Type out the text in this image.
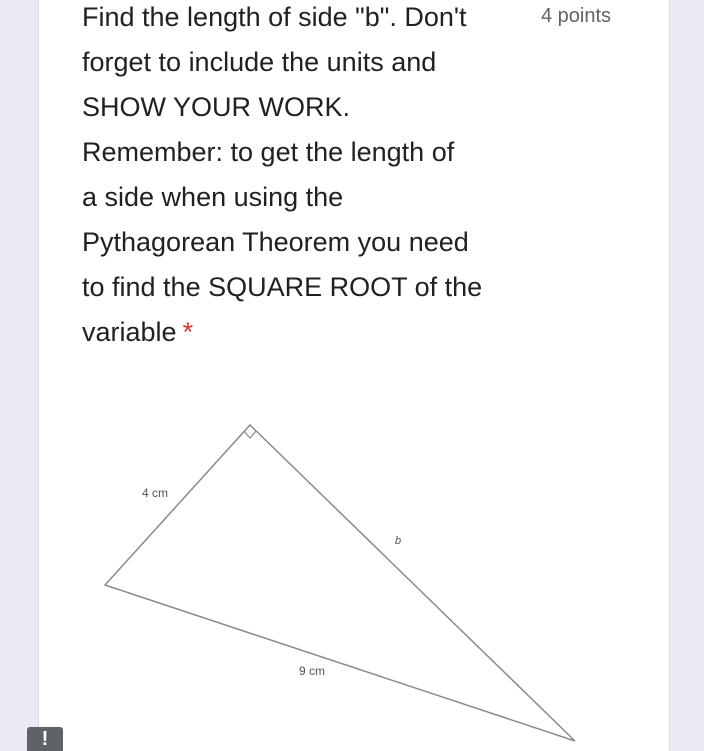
Find the length of side "b". Don't

forget to include the units and

SHOW YOUR WORK.

Remember: to get the length of

a side when using the

Pythagorean Theorem you need

to find the SQUARE ROOT of the

variable *

4 points
4 cm
b
9 cm
!
